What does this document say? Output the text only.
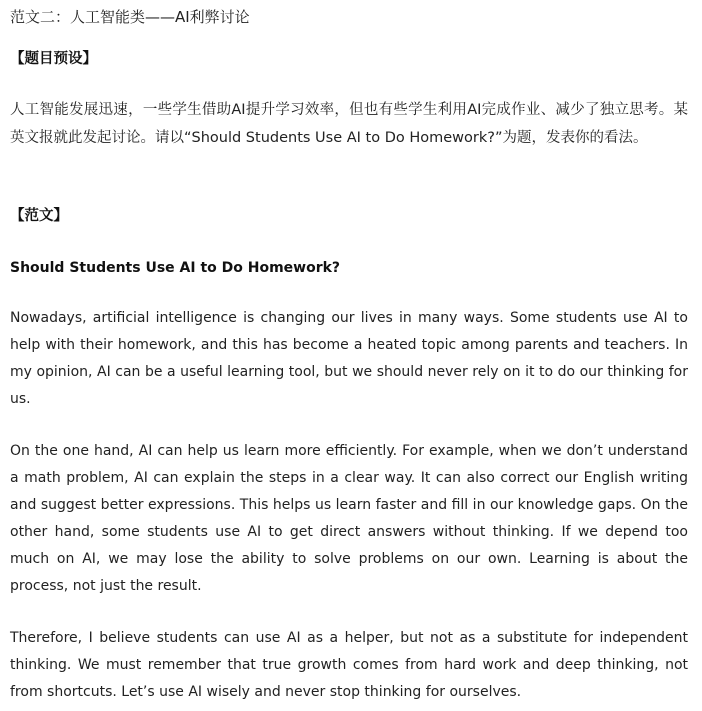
范文二：人工智能类——AI利弊讨论
【题目预设】
人工智能发展迅速，一些学生借助AI提升学习效率，但也有些学生利用AI完成作业、减少了独立思考。某英文报就此发起讨论。请以“Should Students Use AI to Do Homework?”为题，发表你的看法。
【范文】
Should Students Use AI to Do Homework?
Nowadays, artificial intelligence is changing our lives in many ways. Some students use AI to help with their homework, and this has become a heated topic among parents and teachers. In my opinion, AI can be a useful learning tool, but we should never rely on it to do our thinking for us.
On the one hand, AI can help us learn more efficiently. For example, when we don’t understand a math problem, AI can explain the steps in a clear way. It can also correct our English writing and suggest better expressions. This helps us learn faster and fill in our knowledge gaps. On the other hand, some students use AI to get direct answers without thinking. If we depend too much on AI, we may lose the ability to solve problems on our own. Learning is about the process, not just the result.
Therefore, I believe students can use AI as a helper, but not as a substitute for independent thinking. We must remember that true growth comes from hard work and deep thinking, not from shortcuts. Let’s use AI wisely and never stop thinking for ourselves.
